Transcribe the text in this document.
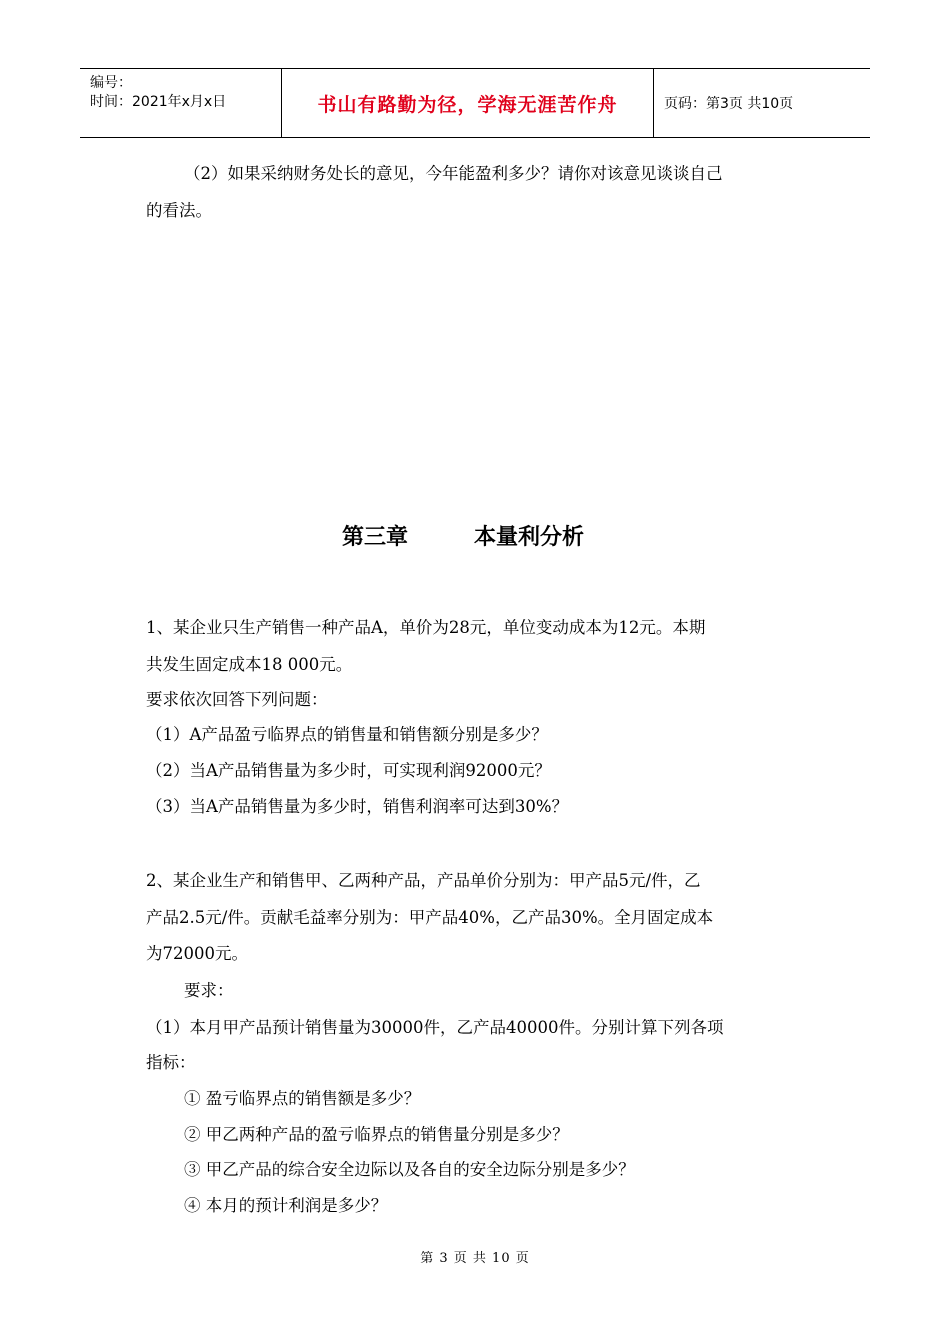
编号：
时间：2021年x月x日	书山有路勤为径，学海无涯苦作舟	页码：第3页 共10页
（2）如果采纳财务处长的意见，今年能盈利多少？请你对该意见谈谈自己
的看法。
第三章	本量利分析
1、某企业只生产销售一种产品A，单价为28元，单位变动成本为12元。本期
共发生固定成本18 000元。
要求依次回答下列问题：
（1）A产品盈亏临界点的销售量和销售额分别是多少？
（2）当A产品销售量为多少时，可实现利润92000元？
（3）当A产品销售量为多少时，销售利润率可达到30%？
2、某企业生产和销售甲、乙两种产品，产品单价分别为：甲产品5元/件，乙
产品2.5元/件。贡献毛益率分别为：甲产品40%，乙产品30%。全月固定成本
为72000元。
要求：
（1）本月甲产品预计销售量为30000件，乙产品40000件。分别计算下列各项
指标：
① 盈亏临界点的销售额是多少？
② 甲乙两种产品的盈亏临界点的销售量分别是多少？
③ 甲乙产品的综合安全边际以及各自的安全边际分别是多少？
④ 本月的预计利润是多少？
第 3 页 共 10 页
